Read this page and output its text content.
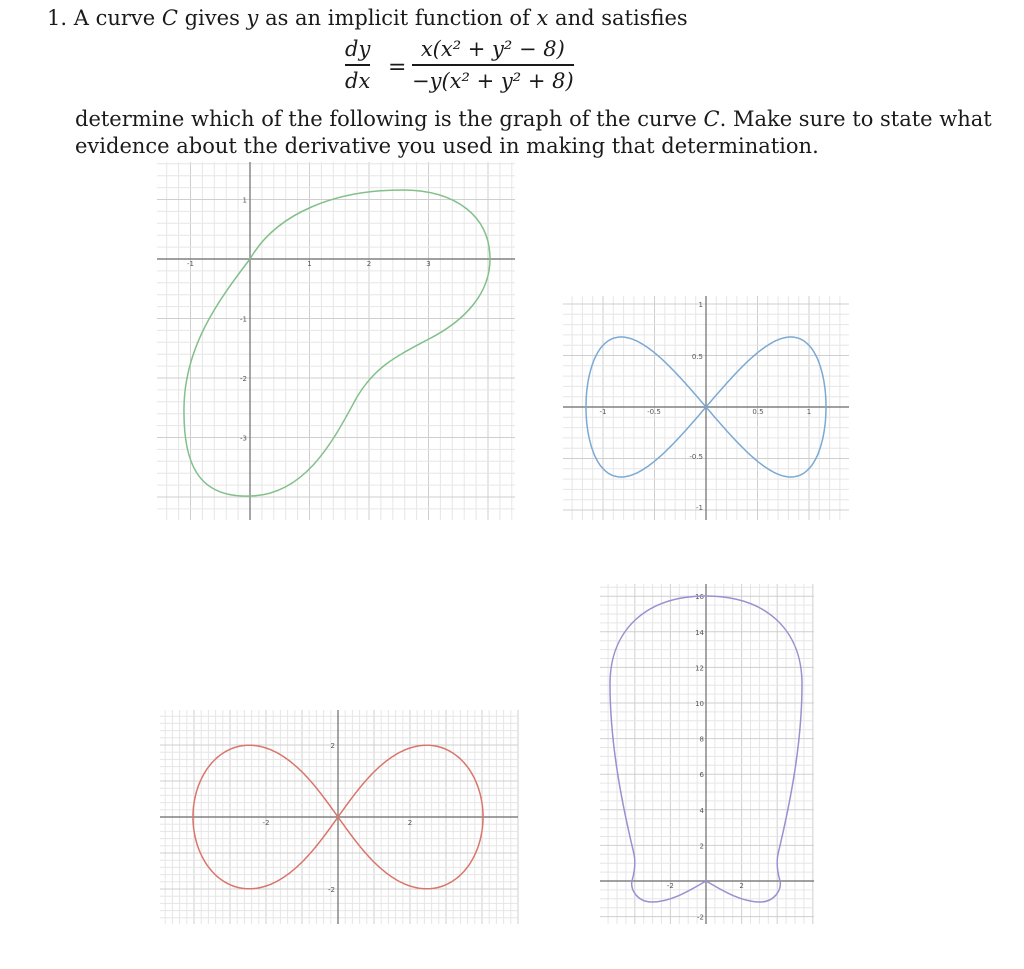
1. A curve C gives y as an implicit function of x and satisfies
dy
dx
=
x(x² + y² − 8)
−y(x² + y² + 8)
determine which of the following is the graph of the curve C. Make sure to state what
evidence about the derivative you used in making that determination.
-1	1	2	3
1
-1
-2
-3
-1	-0.5	0.5	1
1
0.5
-0.5
-1
-2	2
2
-2	-2	2
16
14
12
10
8
6
4
2
-2
